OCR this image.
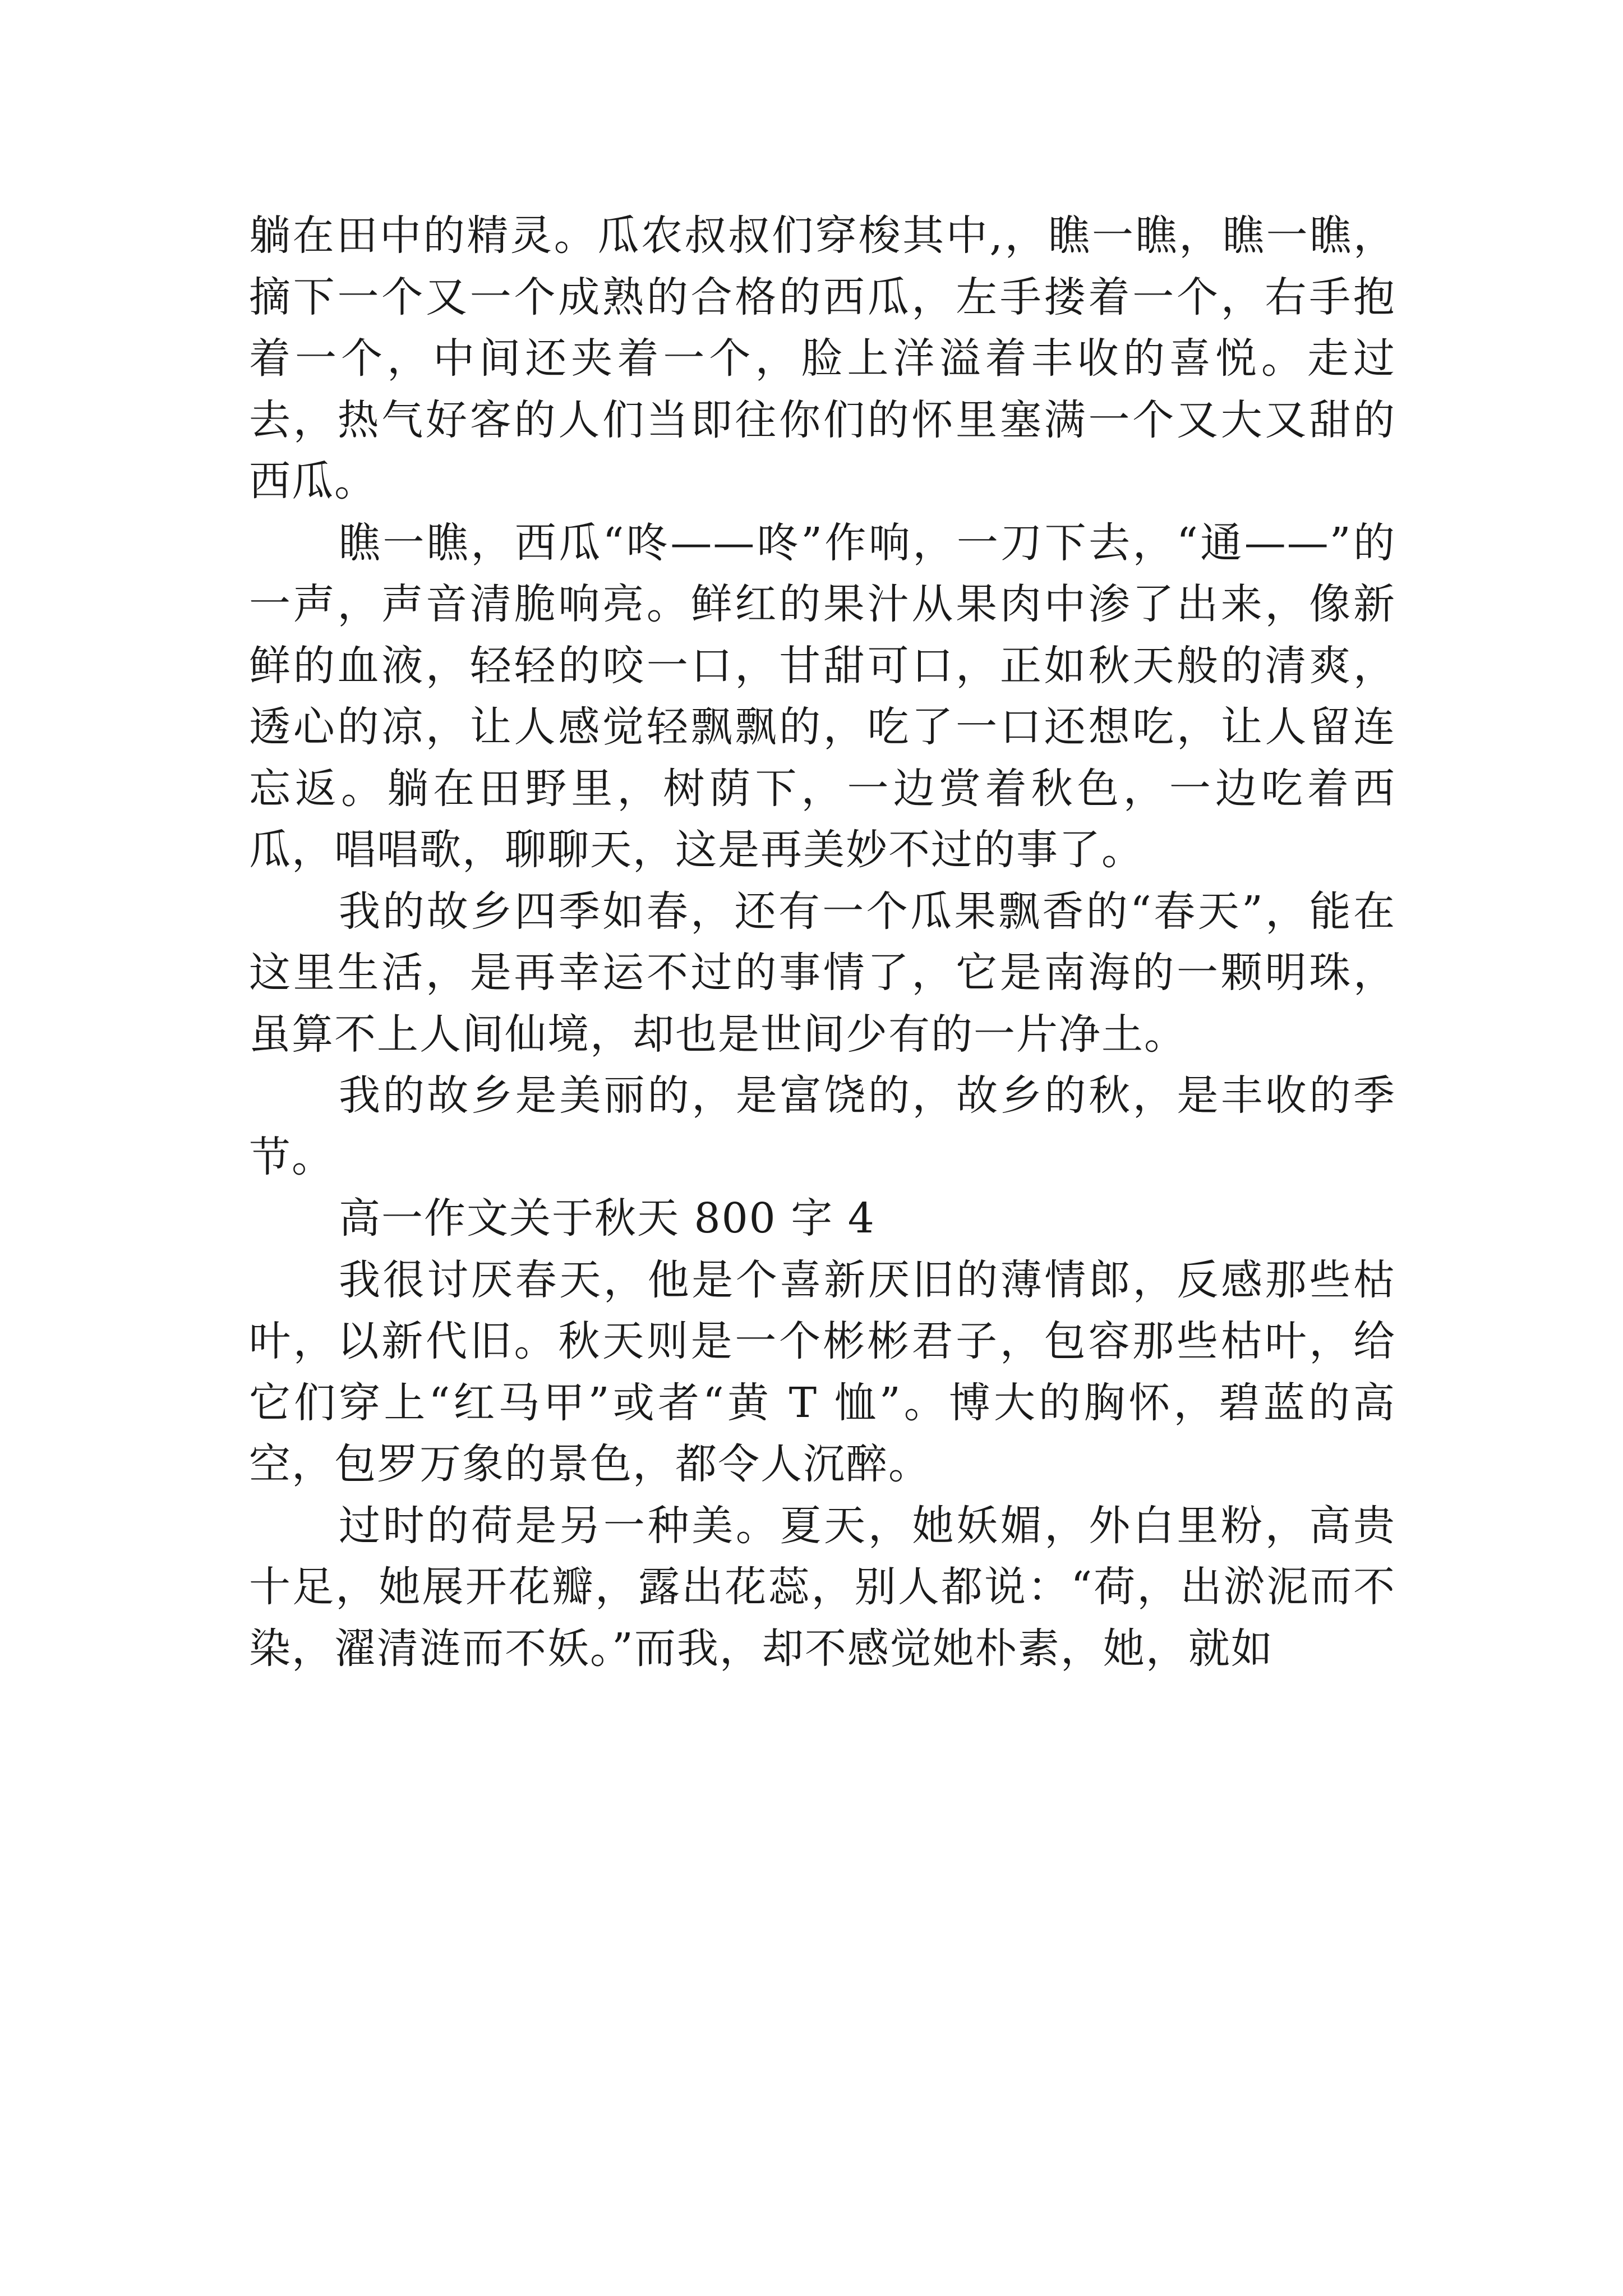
躺在田中的精灵。瓜农叔叔们穿梭其中,，瞧一瞧，瞧一瞧，摘下一个又一个成熟的合格的西瓜，左手搂着一个，右手抱着一个，中间还夹着一个，脸上洋溢着丰收的喜悦。走过去，热气好客的人们当即往你们的怀里塞满一个又大又甜的西瓜。

瞧一瞧，西瓜“咚——咚”作响，一刀下去，“通——”的一声，声音清脆响亮。鲜红的果汁从果肉中渗了出来，像新鲜的血液，轻轻的咬一口，甘甜可口，正如秋天般的清爽，透心的凉，让人感觉轻飘飘的，吃了一口还想吃，让人留连忘返。躺在田野里，树荫下，一边赏着秋色，一边吃着西瓜，唱唱歌，聊聊天，这是再美妙不过的事了。

我的故乡四季如春，还有一个瓜果飘香的“春天”，能在这里生活，是再幸运不过的事情了，它是南海的一颗明珠，虽算不上人间仙境，却也是世间少有的一片净土。

我的故乡是美丽的，是富饶的，故乡的秋，是丰收的季节。

高一作文关于秋天 800 字 4

我很讨厌春天，他是个喜新厌旧的薄情郎，反感那些枯叶，以新代旧。秋天则是一个彬彬君子，包容那些枯叶，给它们穿上“红马甲”或者“黄 T 恤”。博大的胸怀，碧蓝的高空，包罗万象的景色，都令人沉醉。

过时的荷是另一种美。夏天，她妖媚，外白里粉，高贵十足，她展开花瓣，露出花蕊，别人都说：“荷，出淤泥而不染，濯清涟而不妖。”而我，却不感觉她朴素，她，就如
